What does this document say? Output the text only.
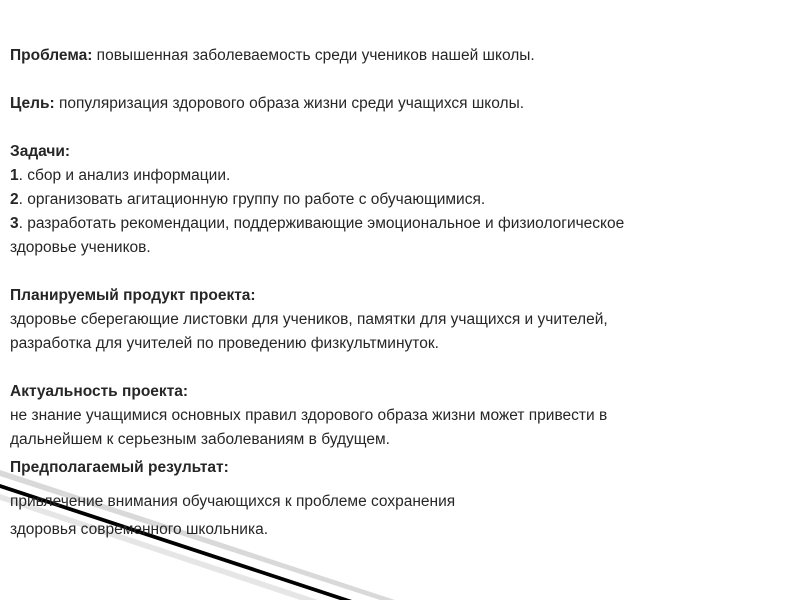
Проблема: повышенная заболеваемость среди учеников нашей школы.

Цель: популяризация здорового образа жизни среди учащихся школы.

Задачи:

1. сбор и анализ информации.

2. организовать агитационную группу по работе с обучающимися.

3. разработать рекомендации, поддерживающие эмоциональное и физиологическое

здоровье учеников.

Планируемый продукт проекта:

здоровье сберегающие листовки для учеников, памятки для учащихся и учителей,

разработка для учителей по проведению физкультминуток.

Актуальность проекта:

не знание учащимися основных правил здорового образа жизни может привести в

дальнейшем к серьезным заболеваниям в будущем.

Предполагаемый результат:

привлечение внимания обучающихся к проблеме сохранения

здоровья современного школьника.
